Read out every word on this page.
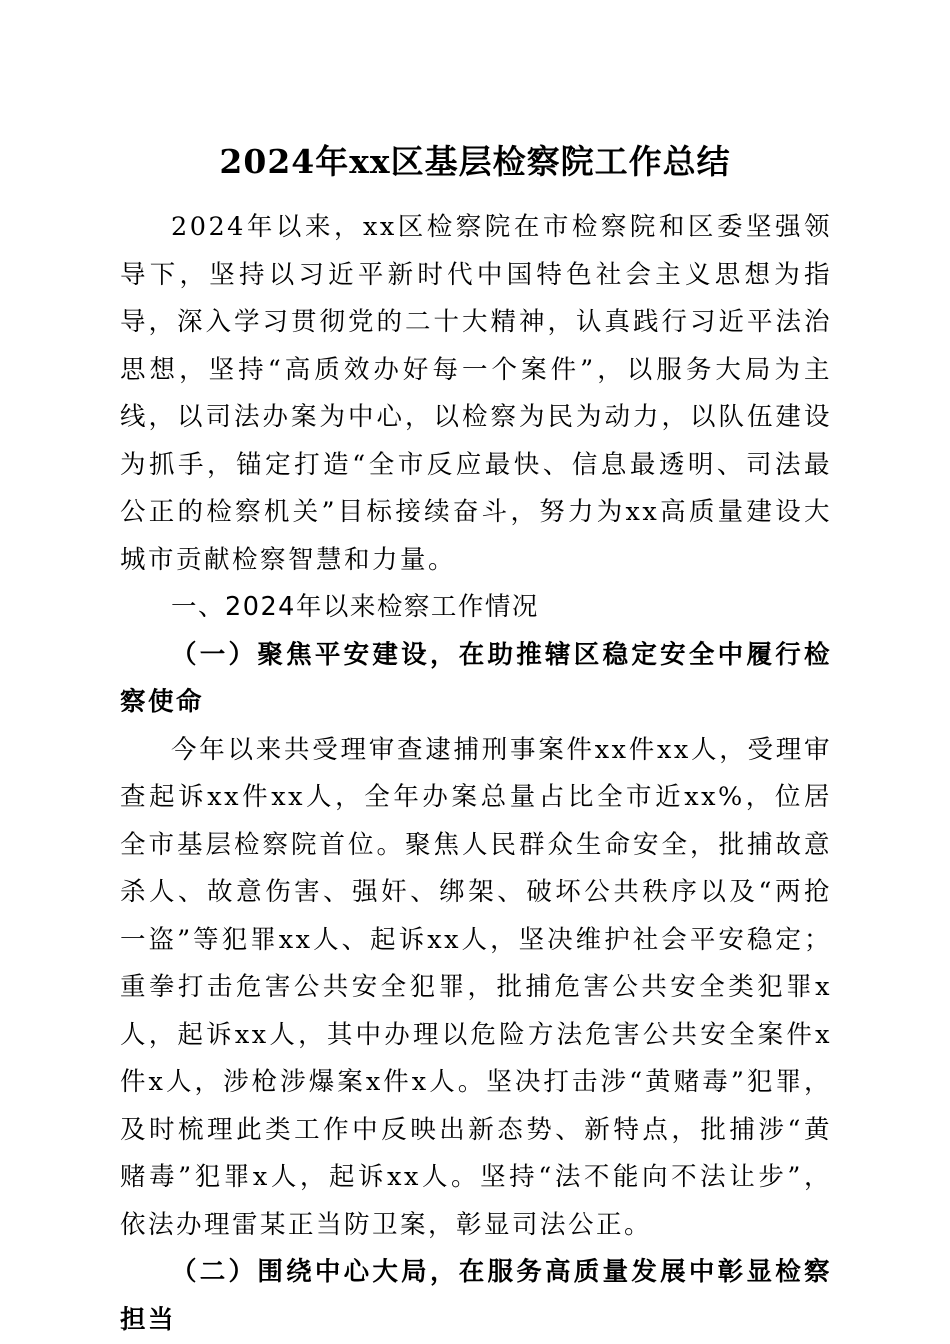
2024年xx区基层检察院工作总结

2024年以来，xx区检察院在市检察院和区委坚强领导下，坚持以习近平新时代中国特色社会主义思想为指导，深入学习贯彻党的二十大精神，认真践行习近平法治思想，坚持“高质效办好每一个案件”，以服务大局为主线，以司法办案为中心，以检察为民为动力，以队伍建设为抓手，锚定打造“全市反应最快、信息最透明、司法最公正的检察机关”目标接续奋斗，努力为xx高质量建设大城市贡献检察智慧和力量。

一、2024年以来检察工作情况

（一）聚焦平安建设，在助推辖区稳定安全中履行检察使命

今年以来共受理审查逮捕刑事案件xx件xx人，受理审查起诉xx件xx人，全年办案总量占比全市近xx%，位居全市基层检察院首位。聚焦人民群众生命安全，批捕故意杀人、故意伤害、强奸、绑架、破坏公共秩序以及“两抢一盗”等犯罪xx人、起诉xx人，坚决维护社会平安稳定；重拳打击危害公共安全犯罪，批捕危害公共安全类犯罪x人，起诉xx人，其中办理以危险方法危害公共安全案件x件x人，涉枪涉爆案x件x人。坚决打击涉“黄赌毒”犯罪，及时梳理此类工作中反映出新态势、新特点，批捕涉“黄赌毒”犯罪x人，起诉xx人。坚持“法不能向不法让步”，依法办理雷某正当防卫案，彰显司法公正。

（二）围绕中心大局，在服务高质量发展中彰显检察担当
